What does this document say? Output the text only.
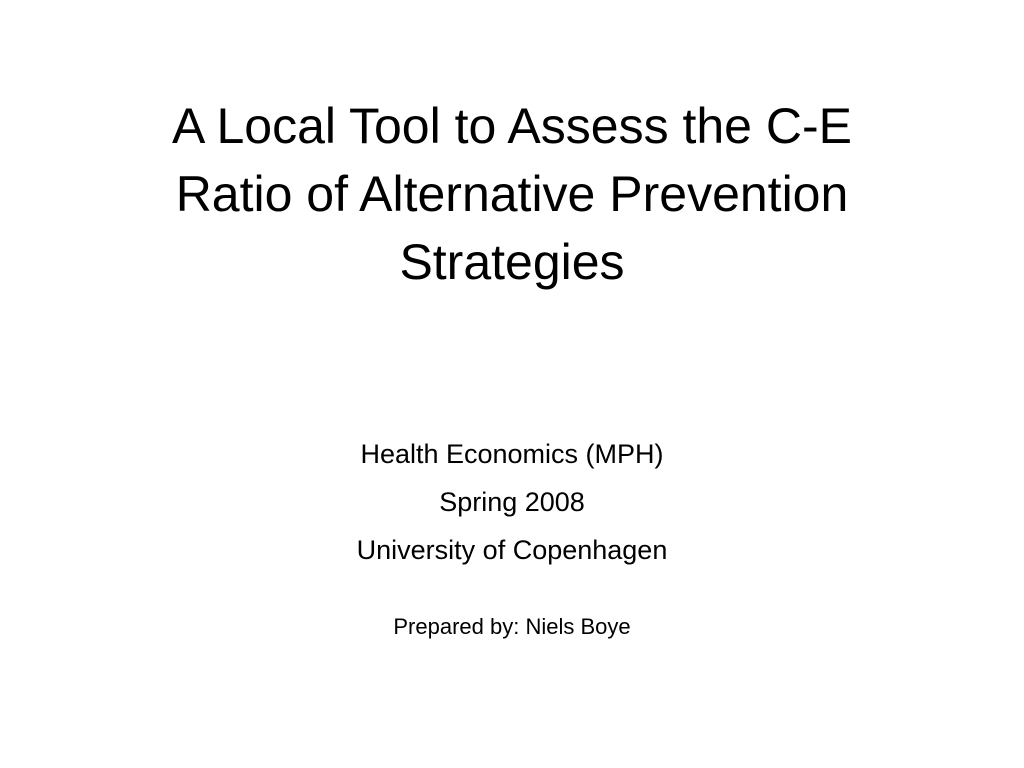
A Local Tool to Assess the C-E
Ratio of Alternative Prevention
Strategies
Health Economics (MPH)
Spring 2008
University of Copenhagen
Prepared by: Niels Boye
